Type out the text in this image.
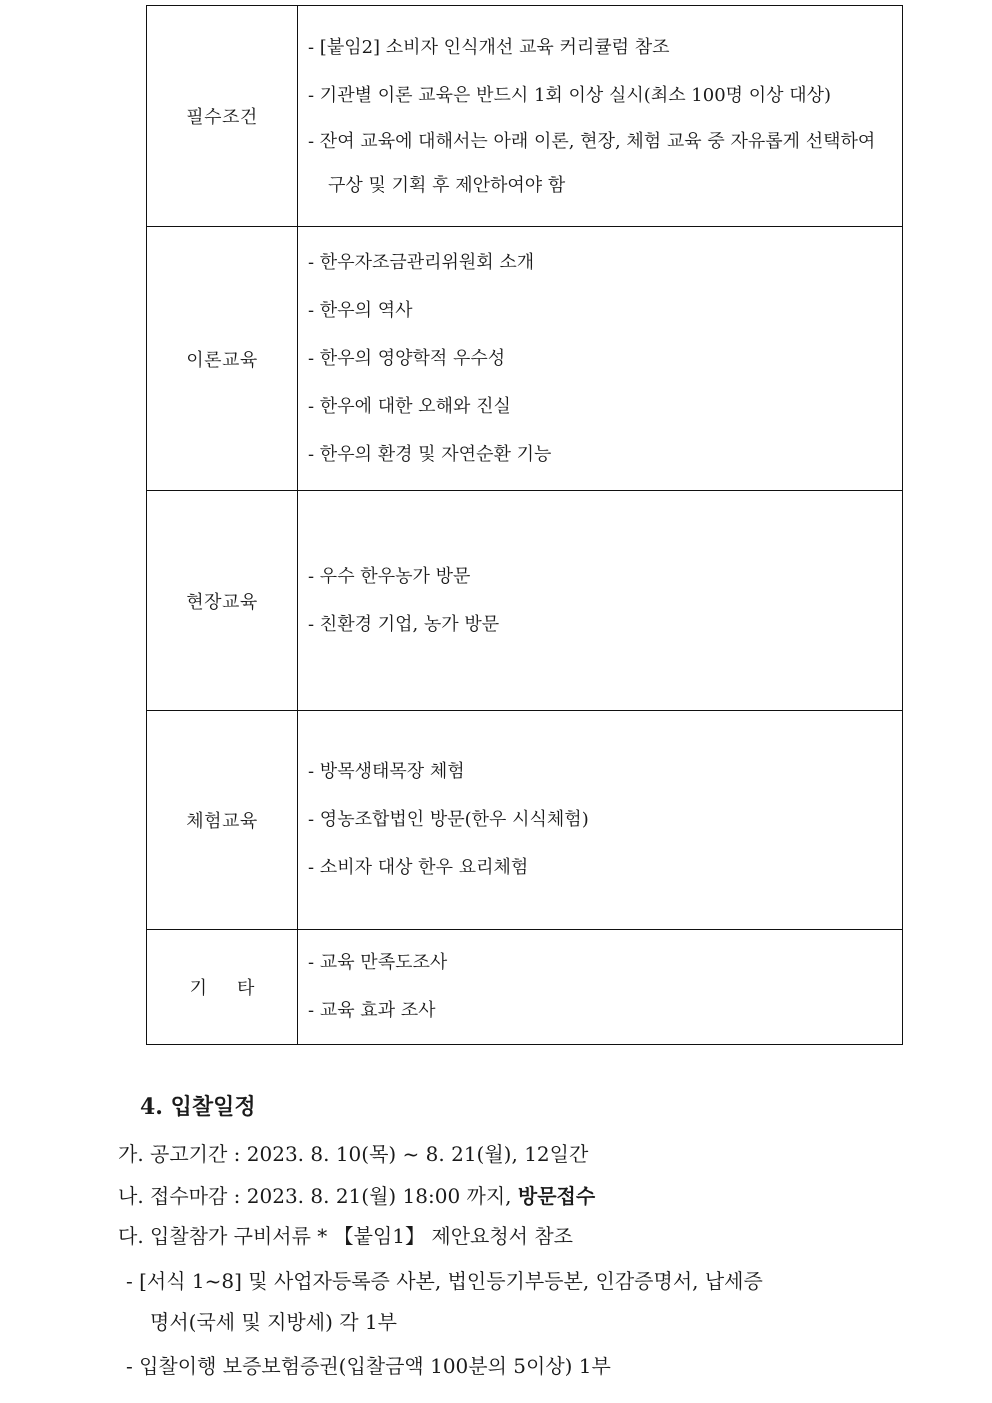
필수조건	- [붙임2] 소비자 인식개선 교육 커리큘럼 참조
- 기관별 이론 교육은 반드시 1회 이상 실시(최소 100명 이상 대상)
- 잔여 교육에 대해서는 아래 이론, 현장, 체험 교육 중 자유롭게 선택하여 구상 및 기획 후 제안하여야 함

이론교육	- 한우자조금관리위원회 소개
- 한우의 역사
- 한우의 영양학적 우수성
- 한우에 대한 오해와 진실
- 한우의 환경 및 자연순환 기능

현장교육	- 우수 한우농가 방문
- 친환경 기업, 농가 방문

체험교육	- 방목생태목장 체험
- 영농조합법인 방문(한우 시식체험)
- 소비자 대상 한우 요리체험

기타	- 교육 만족도조사
- 교육 효과 조사
4. 입찰일정
가. 공고기간 : 2023. 8. 10(목) ~ 8. 21(월), 12일간
나. 접수마감 : 2023. 8. 21(월) 18:00 까지, 방문접수
다. 입찰참가 구비서류 * 【붙임1】 제안요청서 참조
- [서식 1~8] 및 사업자등록증 사본, 법인등기부등본, 인감증명서, 납세증
명서(국세 및 지방세) 각 1부
- 입찰이행 보증보험증권(입찰금액 100분의 5이상) 1부
